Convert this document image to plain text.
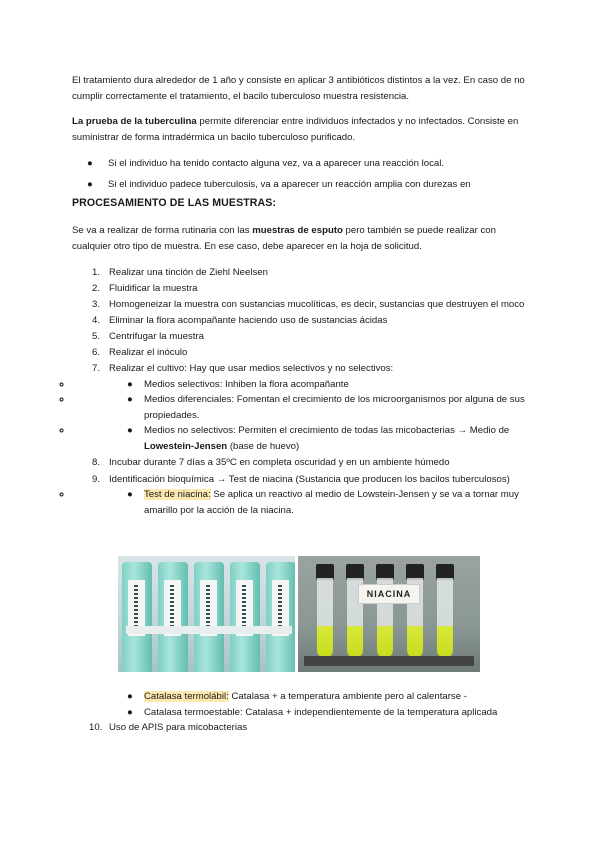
El tratamiento dura alrededor de 1 año y consiste en aplicar 3 antibióticos distintos a la vez. En caso de no cumplir correctamente el tratamiento, el bacilo tuberculoso muestra resistencia.

La prueba de la tuberculina permite diferenciar entre individuos infectados y no infectados. Consiste en suministrar de forma intradérmica un bacilo tuberculoso purificado.

● Si el individuo ha tenido contacto alguna vez, va a aparecer una reacción local.
● Si el individuo padece tuberculosis, va a aparecer un reacción amplia con durezas en
PROCESAMIENTO DE LAS MUESTRAS:

Se va a realizar de forma rutinaria con las muestras de esputo pero también se puede realizar con cualquier otro tipo de muestra. En ese caso, debe aparecer en la hoja de solicitud.

1. Realizar una tinción de Ziehl Neelsen
2. Fluidificar la muestra
3. Homogeneizar la muestra con sustancias mucolíticas, es decir, sustancias que destruyen el moco
4. Eliminar la flora acompañante haciendo uso de sustancias ácidas
5. Centrifugar la muestra
6. Realizar el inóculo
7. Realizar el cultivo: Hay que usar medios selectivos y no selectivos:
◦ ● Medios selectivos: Inhiben la flora acompañante
◦ ● Medios diferenciales: Fomentan el crecimiento de los microorganismos por alguna de sus propiedades.
◦ ● Medios no selectivos: Permiten el crecimiento de todas las micobacterias → Medio de Lowestein-Jensen (base de huevo)
8. Incubar durante 7 días a 35ºC en completa oscuridad y en un ambiente húmedo
9. Identificación bioquímica → Test de niacina (Sustancia que producen los bacilos tuberculosos)
◦ ● Test de niacina: Se aplica un reactivo al medio de Lowstein-Jensen y se va a tornar muy amarillo por la acción de la niacina.
NIACINA
● Catalasa termolábil: Catalasa + a temperatura ambiente pero al calentarse -
● Catalasa termoestable: Catalasa + independientemente de la temperatura aplicada
10. Uso de APIS para micobacterias
